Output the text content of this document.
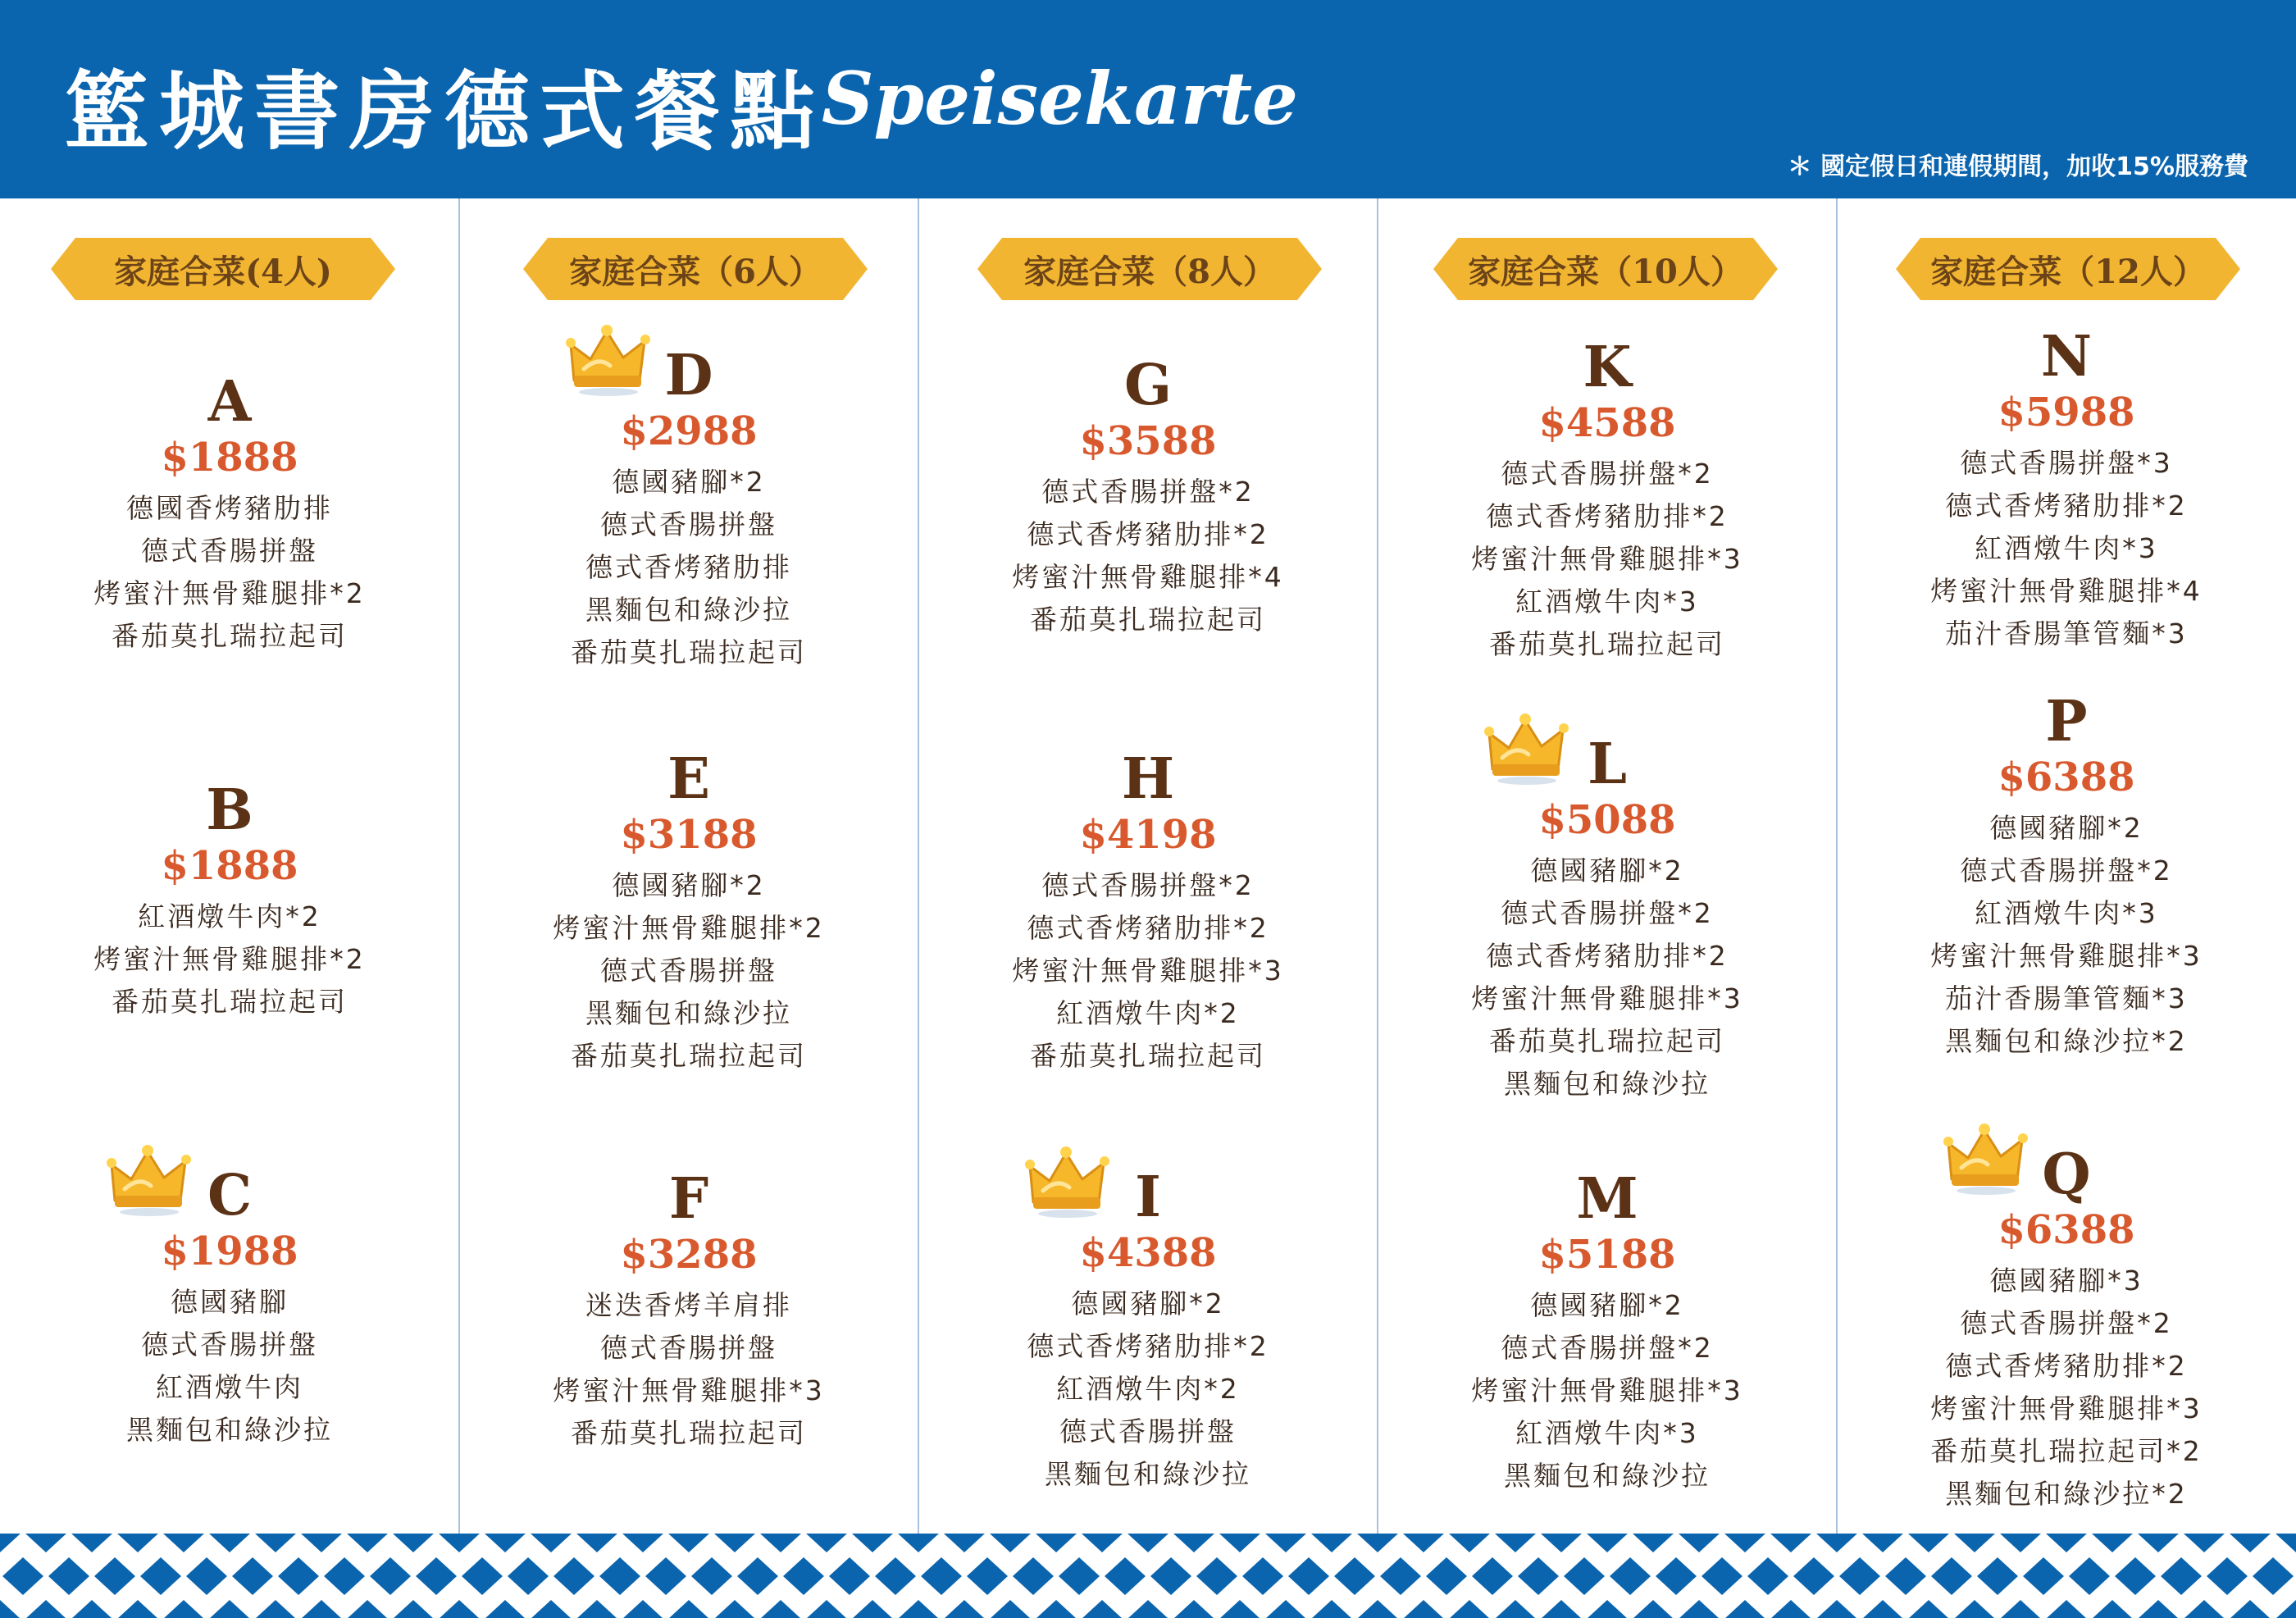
籃城書房德式餐點
Speisekarte
＊ 國定假日和連假期間，加收15%服務費
家庭合菜(4人)
A
$1888
德國香烤豬肋排
德式香腸拼盤
烤蜜汁無骨雞腿排*2
番茄莫扎瑞拉起司
B
$1888
紅酒燉牛肉*2
烤蜜汁無骨雞腿排*2
番茄莫扎瑞拉起司
C
$1988
德國豬腳
德式香腸拼盤
紅酒燉牛肉
黑麵包和綠沙拉
家庭合菜（6人）
D
$2988
德國豬腳*2
德式香腸拼盤
德式香烤豬肋排
黑麵包和綠沙拉
番茄莫扎瑞拉起司
E
$3188
德國豬腳*2
烤蜜汁無骨雞腿排*2
德式香腸拼盤
黑麵包和綠沙拉
番茄莫扎瑞拉起司
F
$3288
迷迭香烤羊肩排
德式香腸拼盤
烤蜜汁無骨雞腿排*3
番茄莫扎瑞拉起司
家庭合菜（8人）
G
$3588
德式香腸拼盤*2
德式香烤豬肋排*2
烤蜜汁無骨雞腿排*4
番茄莫扎瑞拉起司
H
$4198
德式香腸拼盤*2
德式香烤豬肋排*2
烤蜜汁無骨雞腿排*3
紅酒燉牛肉*2
番茄莫扎瑞拉起司
I
$4388
德國豬腳*2
德式香烤豬肋排*2
紅酒燉牛肉*2
德式香腸拼盤
黑麵包和綠沙拉
家庭合菜（10人）
K
$4588
德式香腸拼盤*2
德式香烤豬肋排*2
烤蜜汁無骨雞腿排*3
紅酒燉牛肉*3
番茄莫扎瑞拉起司
L
$5088
德國豬腳*2
德式香腸拼盤*2
德式香烤豬肋排*2
烤蜜汁無骨雞腿排*3
番茄莫扎瑞拉起司
黑麵包和綠沙拉
M
$5188
德國豬腳*2
德式香腸拼盤*2
烤蜜汁無骨雞腿排*3
紅酒燉牛肉*3
黑麵包和綠沙拉
家庭合菜（12人）
N
$5988
德式香腸拼盤*3
德式香烤豬肋排*2
紅酒燉牛肉*3
烤蜜汁無骨雞腿排*4
茄汁香腸筆管麵*3
P
$6388
德國豬腳*2
德式香腸拼盤*2
紅酒燉牛肉*3
烤蜜汁無骨雞腿排*3
茄汁香腸筆管麵*3
黑麵包和綠沙拉*2
Q
$6388
德國豬腳*3
德式香腸拼盤*2
德式香烤豬肋排*2
烤蜜汁無骨雞腿排*3
番茄莫扎瑞拉起司*2
黑麵包和綠沙拉*2
